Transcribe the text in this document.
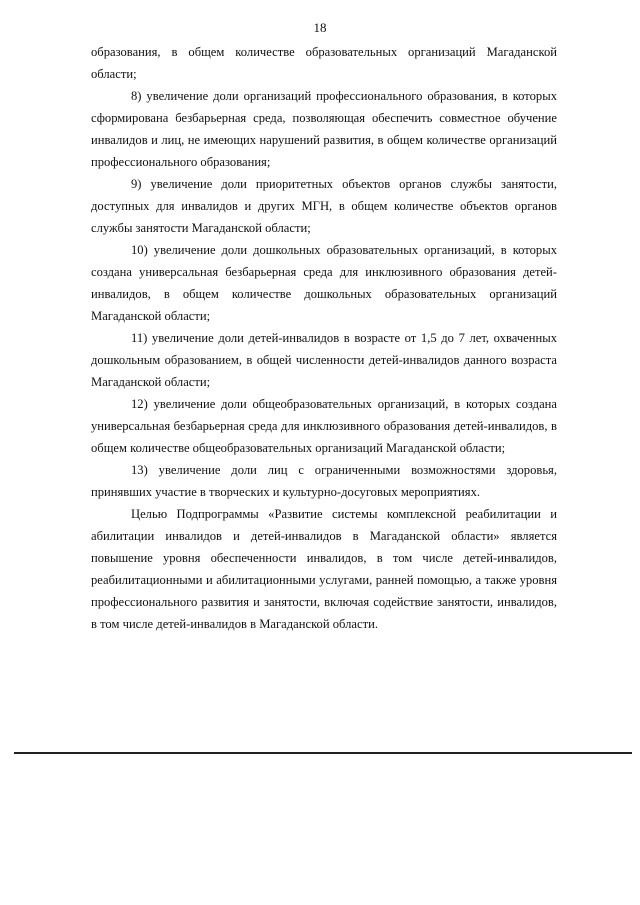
18

образования, в общем количестве образовательных организаций Магаданской области;

8) увеличение доли организаций профессионального образования, в которых сформирована безбарьерная среда, позволяющая обеспечить совместное обучение инвалидов и лиц, не имеющих нарушений развития, в общем количестве организаций профессионального образования;

9) увеличение доли приоритетных объектов органов службы занятости, доступных для инвалидов и других МГН, в общем количестве объектов органов службы занятости Магаданской области;

10) увеличение доли дошкольных образовательных организаций, в которых создана универсальная безбарьерная среда для инклюзивного образования детей-инвалидов, в общем количестве дошкольных образовательных организаций Магаданской области;

11) увеличение доли детей-инвалидов в возрасте от 1,5 до 7 лет, охваченных дошкольным образованием, в общей численности детей-инвалидов данного возраста Магаданской области;

12) увеличение доли общеобразовательных организаций, в которых создана универсальная безбарьерная среда для инклюзивного образования детей-инвалидов, в общем количестве общеобразовательных организаций Магаданской области;

13) увеличение доли лиц с ограниченными возможностями здоровья, принявших участие в творческих и культурно-досуговых мероприятиях.

Целью Подпрограммы «Развитие системы комплексной реабилитации и абилитации инвалидов и детей-инвалидов в Магаданской области» является повышение уровня обеспеченности инвалидов, в том числе детей-инвалидов, реабилитационными и абилитационными услугами, ранней помощью, а также уровня профессионального развития и занятости, включая содействие занятости, инвалидов, в том числе детей-инвалидов в Магаданской области.
